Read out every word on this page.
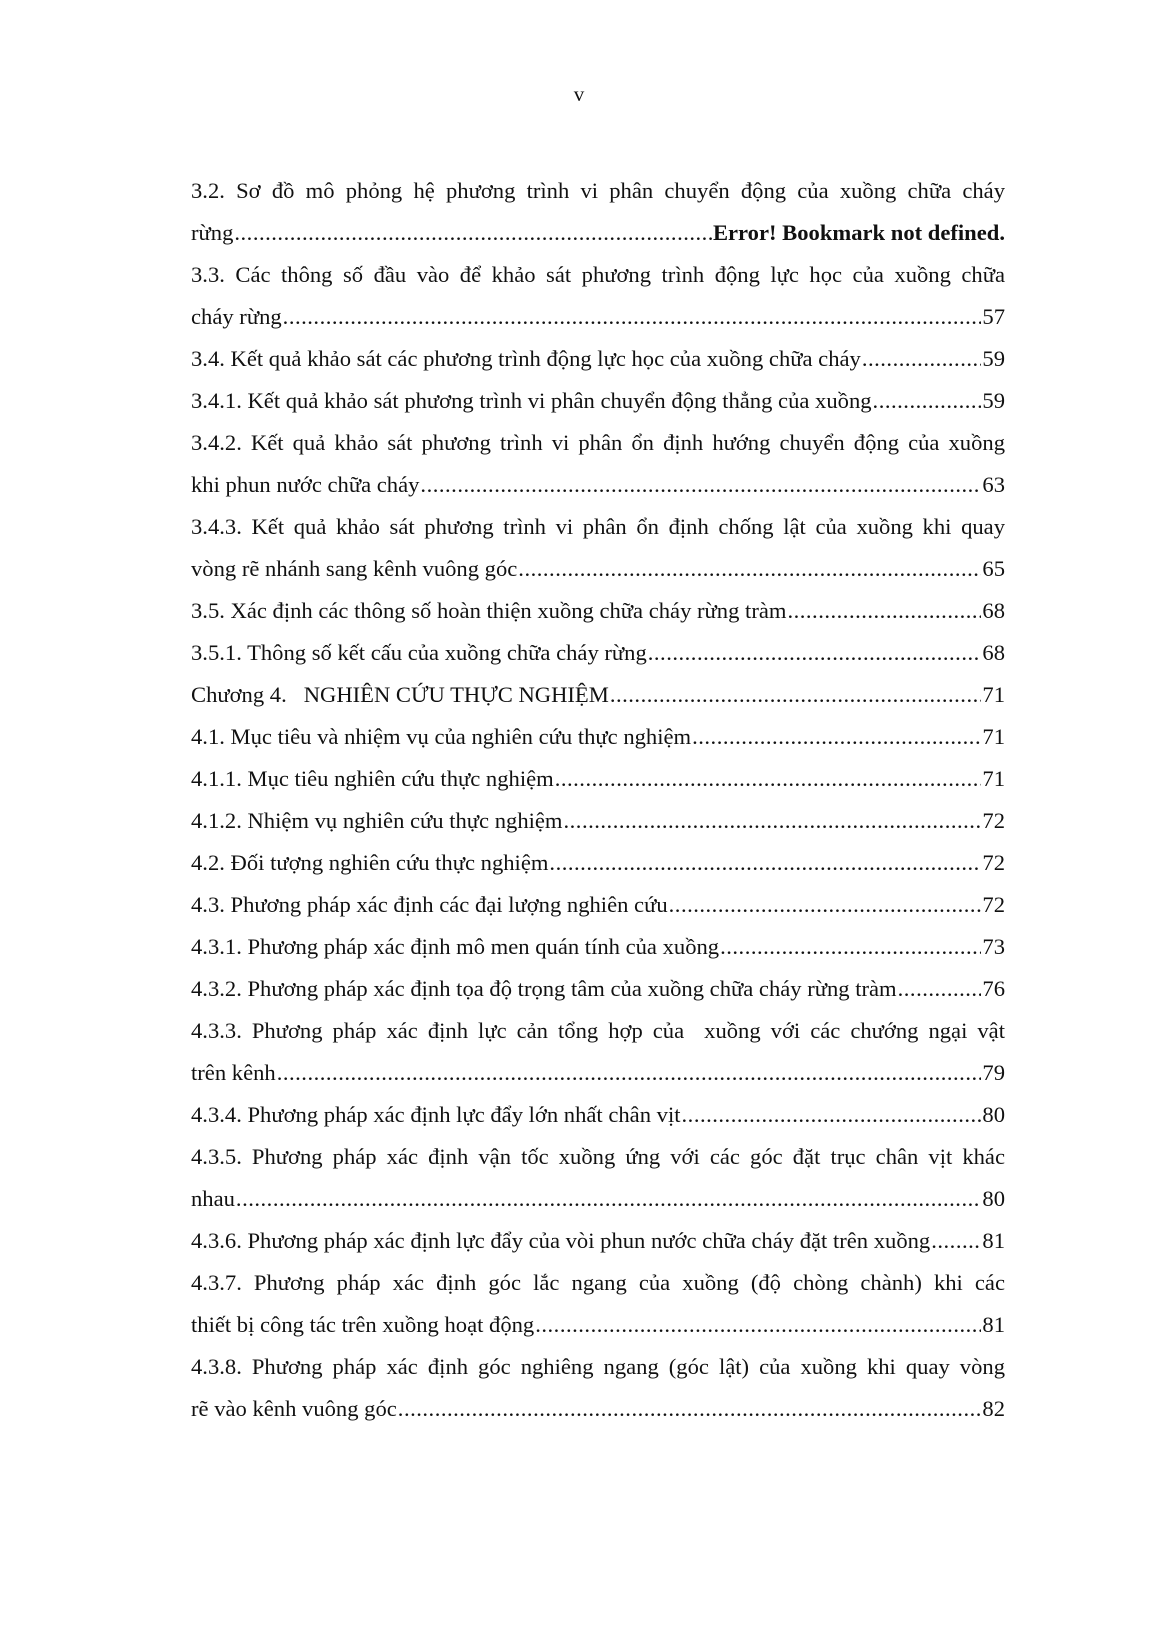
v
3.2. Sơ đồ mô phỏng hệ phương trình vi phân chuyển động của xuồng chữa cháy
rừng .....	Error! Bookmark not defined.
3.3. Các thông số đầu vào để khảo sát phương trình động lực học của xuồng chữa
cháy rừng .....	57
3.4. Kết quả khảo sát các phương trình động lực học của xuồng chữa cháy .....	59
3.4.1. Kết quả khảo sát phương trình vi phân chuyển động thẳng của xuồng .....	59
3.4.2. Kết quả khảo sát phương trình vi phân ổn định hướng chuyển động của xuồng
khi phun nước chữa cháy .....	63
3.4.3. Kết quả khảo sát phương trình vi phân ổn định chống lật của xuồng khi quay
vòng rẽ nhánh sang kênh vuông góc .....	65
3.5. Xác định các thông số hoàn thiện xuồng chữa cháy rừng tràm .....	68
3.5.1. Thông số kết cấu của xuồng chữa cháy rừng .....	68
Chương 4.   NGHIÊN CỨU THỰC NGHIỆM .....	71
4.1. Mục tiêu và nhiệm vụ của nghiên cứu thực nghiệm .....	71
4.1.1. Mục tiêu nghiên cứu thực nghiệm .....	71
4.1.2. Nhiệm vụ nghiên cứu thực nghiệm .....	72
4.2. Đối tượng nghiên cứu thực nghiệm .....	72
4.3. Phương pháp xác định các đại lượng nghiên cứu .....	72
4.3.1. Phương pháp xác định mô men quán tính của xuồng .....	73
4.3.2. Phương pháp xác định tọa độ trọng tâm của xuồng chữa cháy rừng tràm .....	76
4.3.3. Phương pháp xác định lực cản tổng hợp của  xuồng với các chướng ngại vật
trên kênh .....	79
4.3.4. Phương pháp xác định lực đẩy lớn nhất chân vịt .....	80
4.3.5. Phương pháp xác định vận tốc xuồng ứng với các góc đặt trục chân vịt khác
nhau .....	80
4.3.6. Phương pháp xác định lực đẩy của vòi phun nước chữa cháy đặt trên xuồng ..... 81
4.3.7. Phương pháp xác định góc lắc ngang của xuồng (độ chòng chành) khi các
thiết bị công tác trên xuồng hoạt động .....	81
4.3.8. Phương pháp xác định góc nghiêng ngang (góc lật) của xuồng khi quay vòng
rẽ vào kênh vuông góc .....	82
